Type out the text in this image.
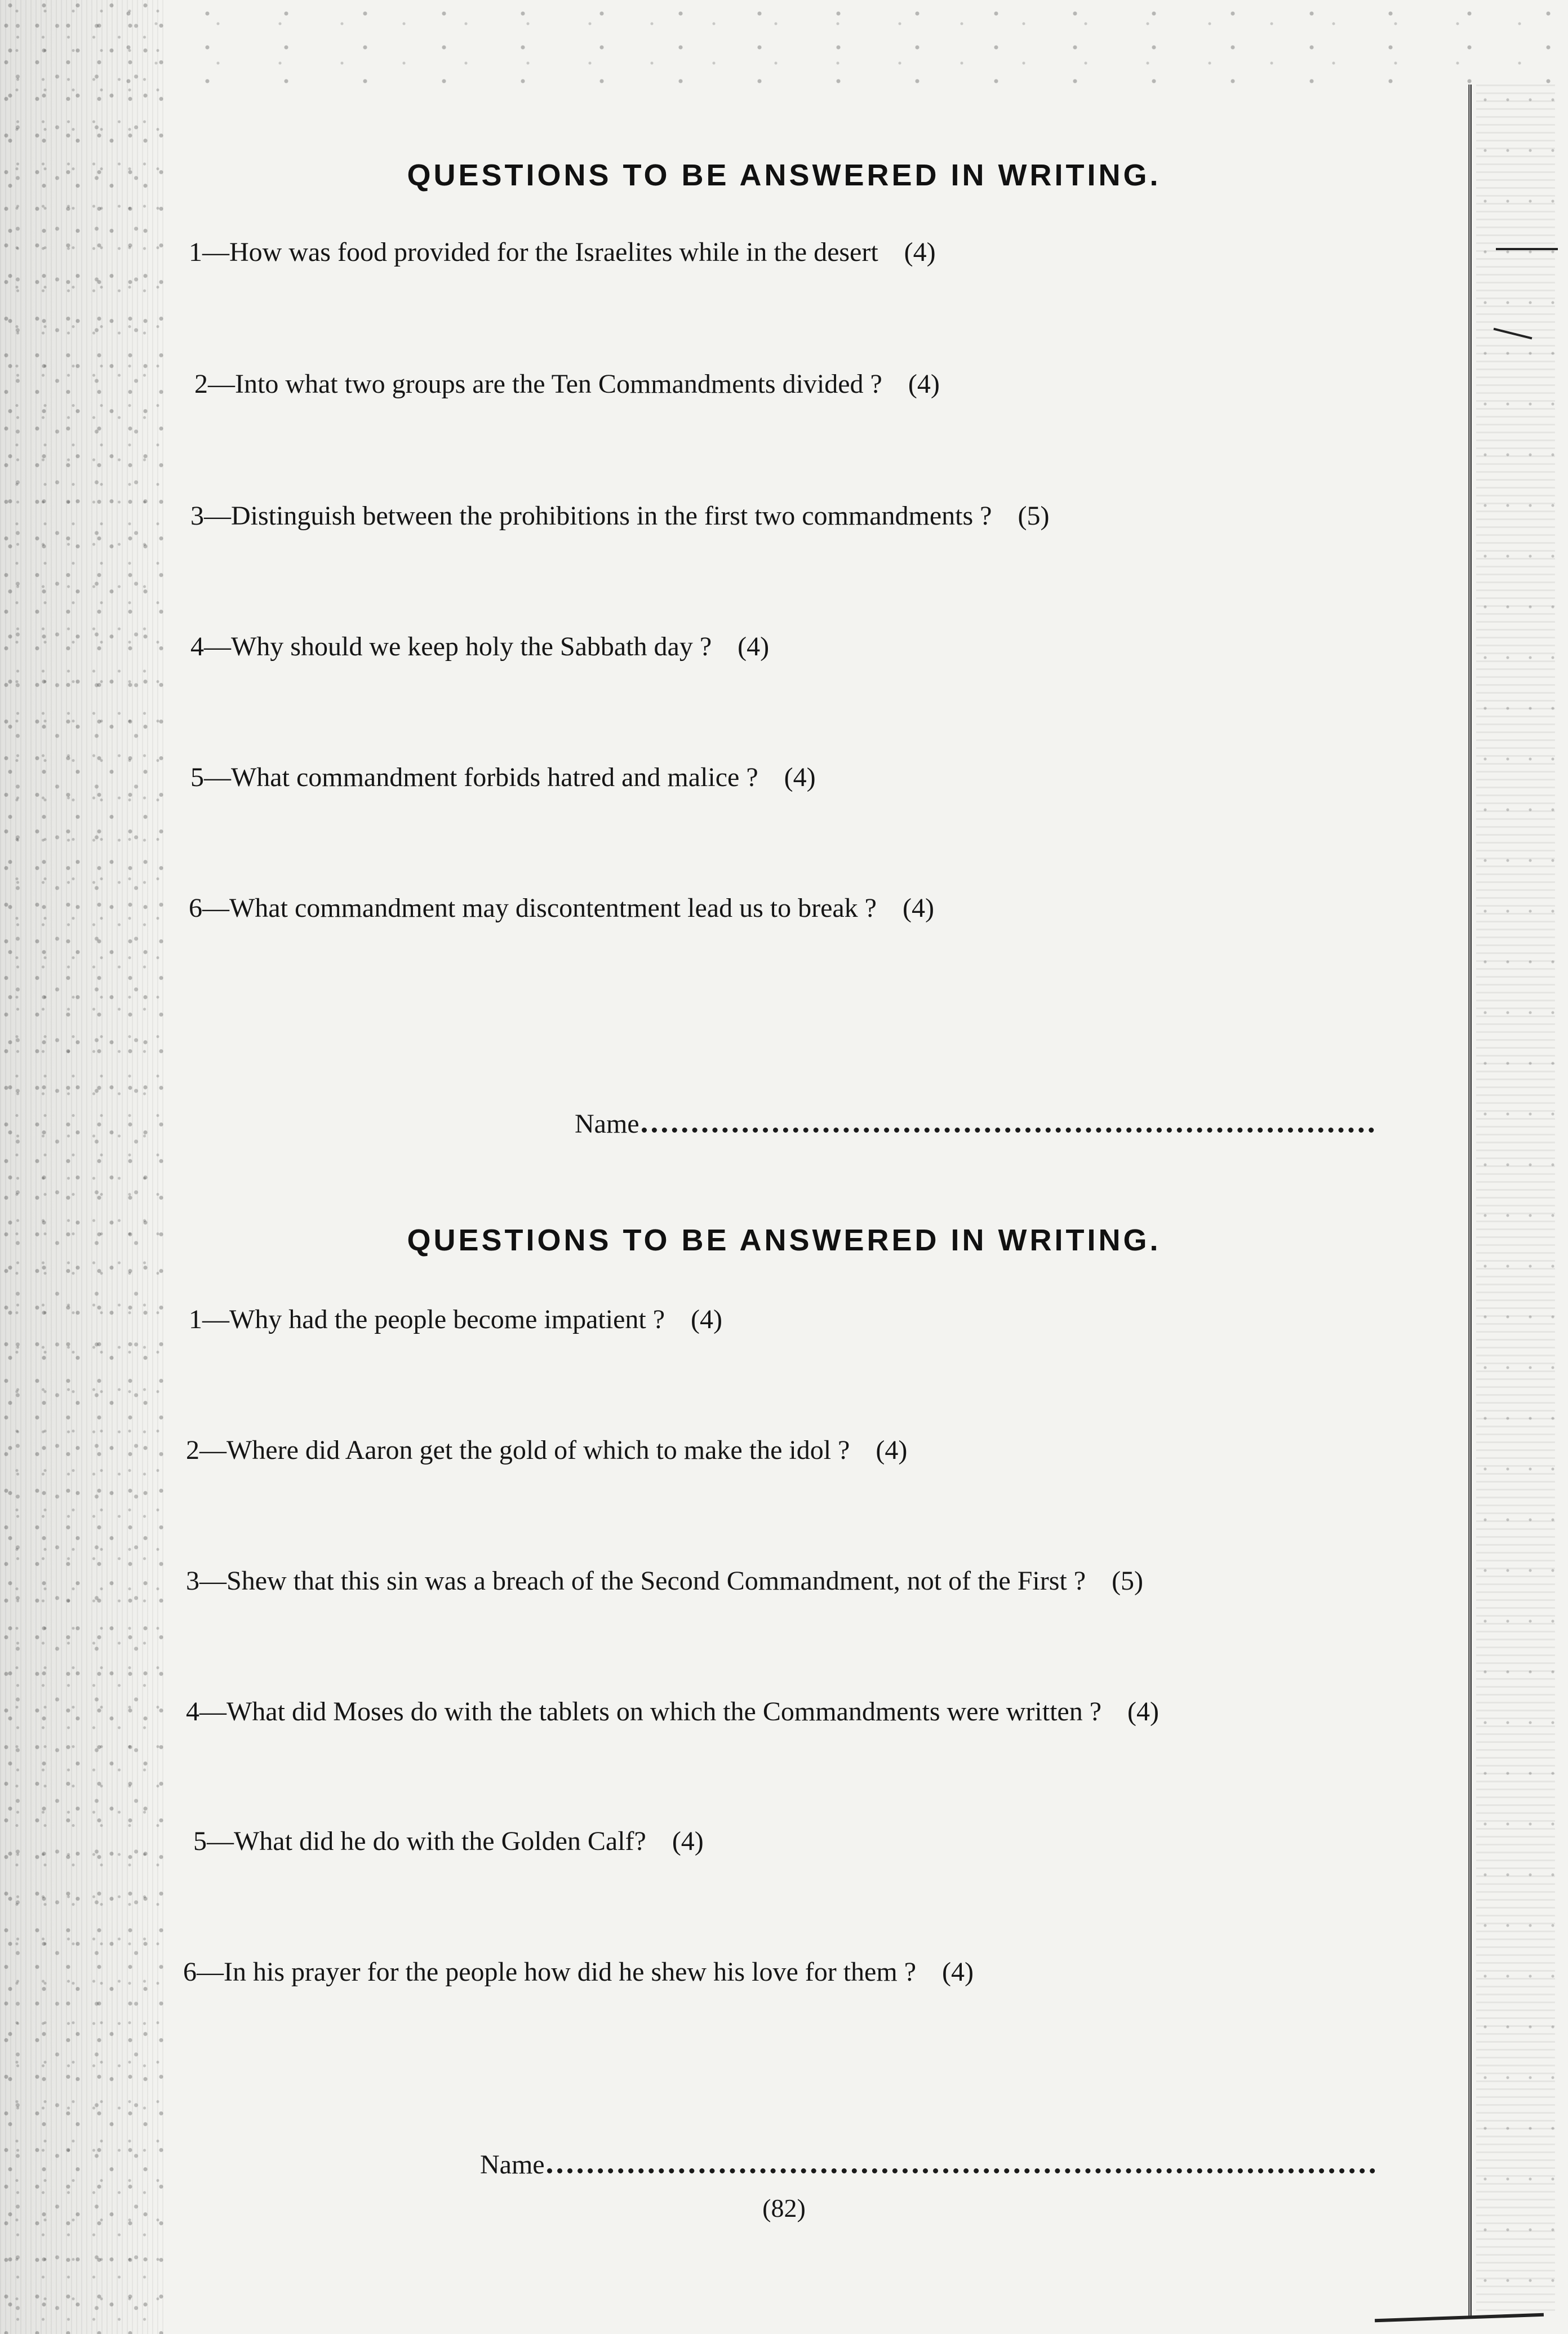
QUESTIONS TO BE ANSWERED IN WRITING.
1—How was food provided for the Israelites while in the desert (4)
2—Into what two groups are the Ten Commandments divided ? (4)
3—Distinguish between the prohibitions in the first two commandments ? (5)
4—Why should we keep holy the Sabbath day ? (4)
5—What commandment forbids hatred and malice ? (4)
6—What commandment may discontentment lead us to break ? (4)
Name
QUESTIONS TO BE ANSWERED IN WRITING.
1—Why had the people become impatient ? (4)
2—Where did Aaron get the gold of which to make the idol ? (4)
3—Shew that this sin was a breach of the Second Commandment, not of the First ? (5)
4—What did Moses do with the tablets on which the Commandments were written ? (4)
5—What did he do with the Golden Calf? (4)
6—In his prayer for the people how did he shew his love for them ? (4)
Name
(82)
